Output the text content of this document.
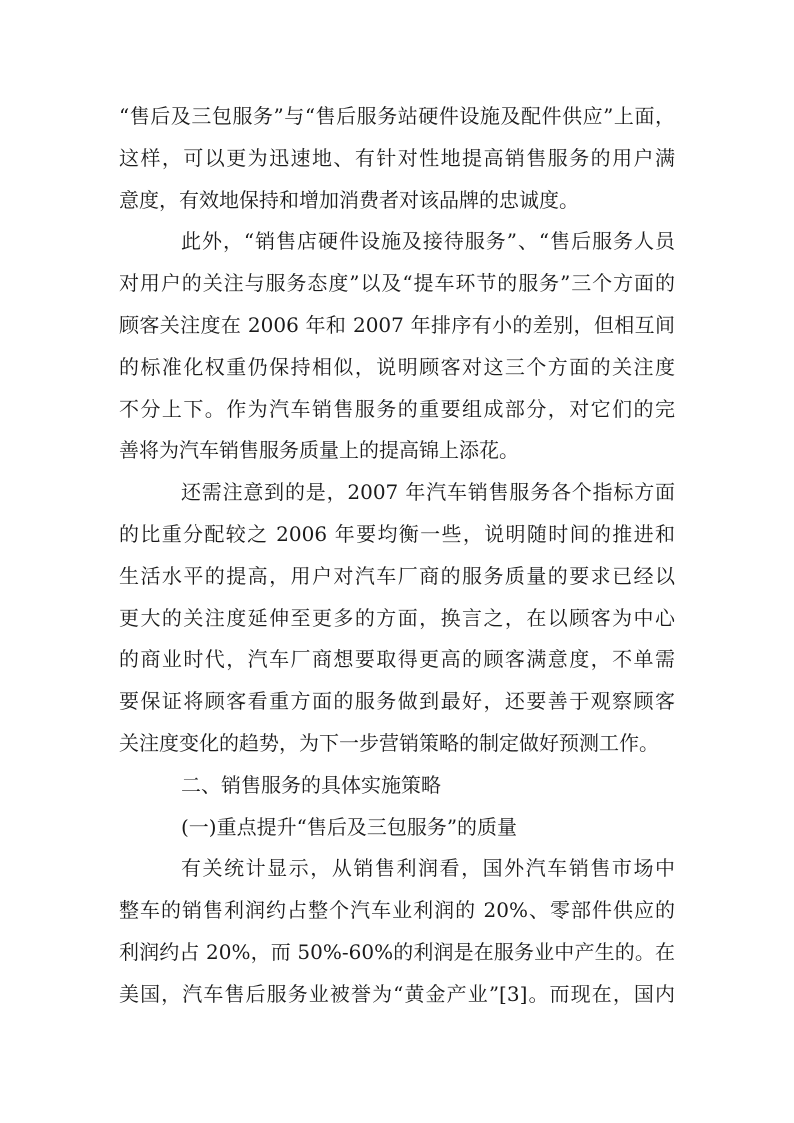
“售后及三包服务”与“售后服务站硬件设施及配件供应”上面，
这样，可以更为迅速地、有针对性地提高销售服务的用户满
意度，有效地保持和增加消费者对该品牌的忠诚度。
此外，“销售店硬件设施及接待服务”、“售后服务人员
对用户的关注与服务态度”以及“提车环节的服务”三个方面的
顾客关注度在 2006 年和 2007 年排序有小的差别，但相互间
的标准化权重仍保持相似，说明顾客对这三个方面的关注度
不分上下。作为汽车销售服务的重要组成部分，对它们的完
善将为汽车销售服务质量上的提高锦上添花。
还需注意到的是，2007 年汽车销售服务各个指标方面
的比重分配较之 2006 年要均衡一些，说明随时间的推进和
生活水平的提高，用户对汽车厂商的服务质量的要求已经以
更大的关注度延伸至更多的方面，换言之，在以顾客为中心
的商业时代，汽车厂商想要取得更高的顾客满意度，不单需
要保证将顾客看重方面的服务做到最好，还要善于观察顾客
关注度变化的趋势，为下一步营销策略的制定做好预测工作。
二、销售服务的具体实施策略
(一)重点提升“售后及三包服务”的质量
有关统计显示，从销售利润看，国外汽车销售市场中
整车的销售利润约占整个汽车业利润的 20%、零部件供应的
利润约占 20%，而 50%-60%的利润是在服务业中产生的。在
美国，汽车售后服务业被誉为“黄金产业”[3]。而现在，国内
